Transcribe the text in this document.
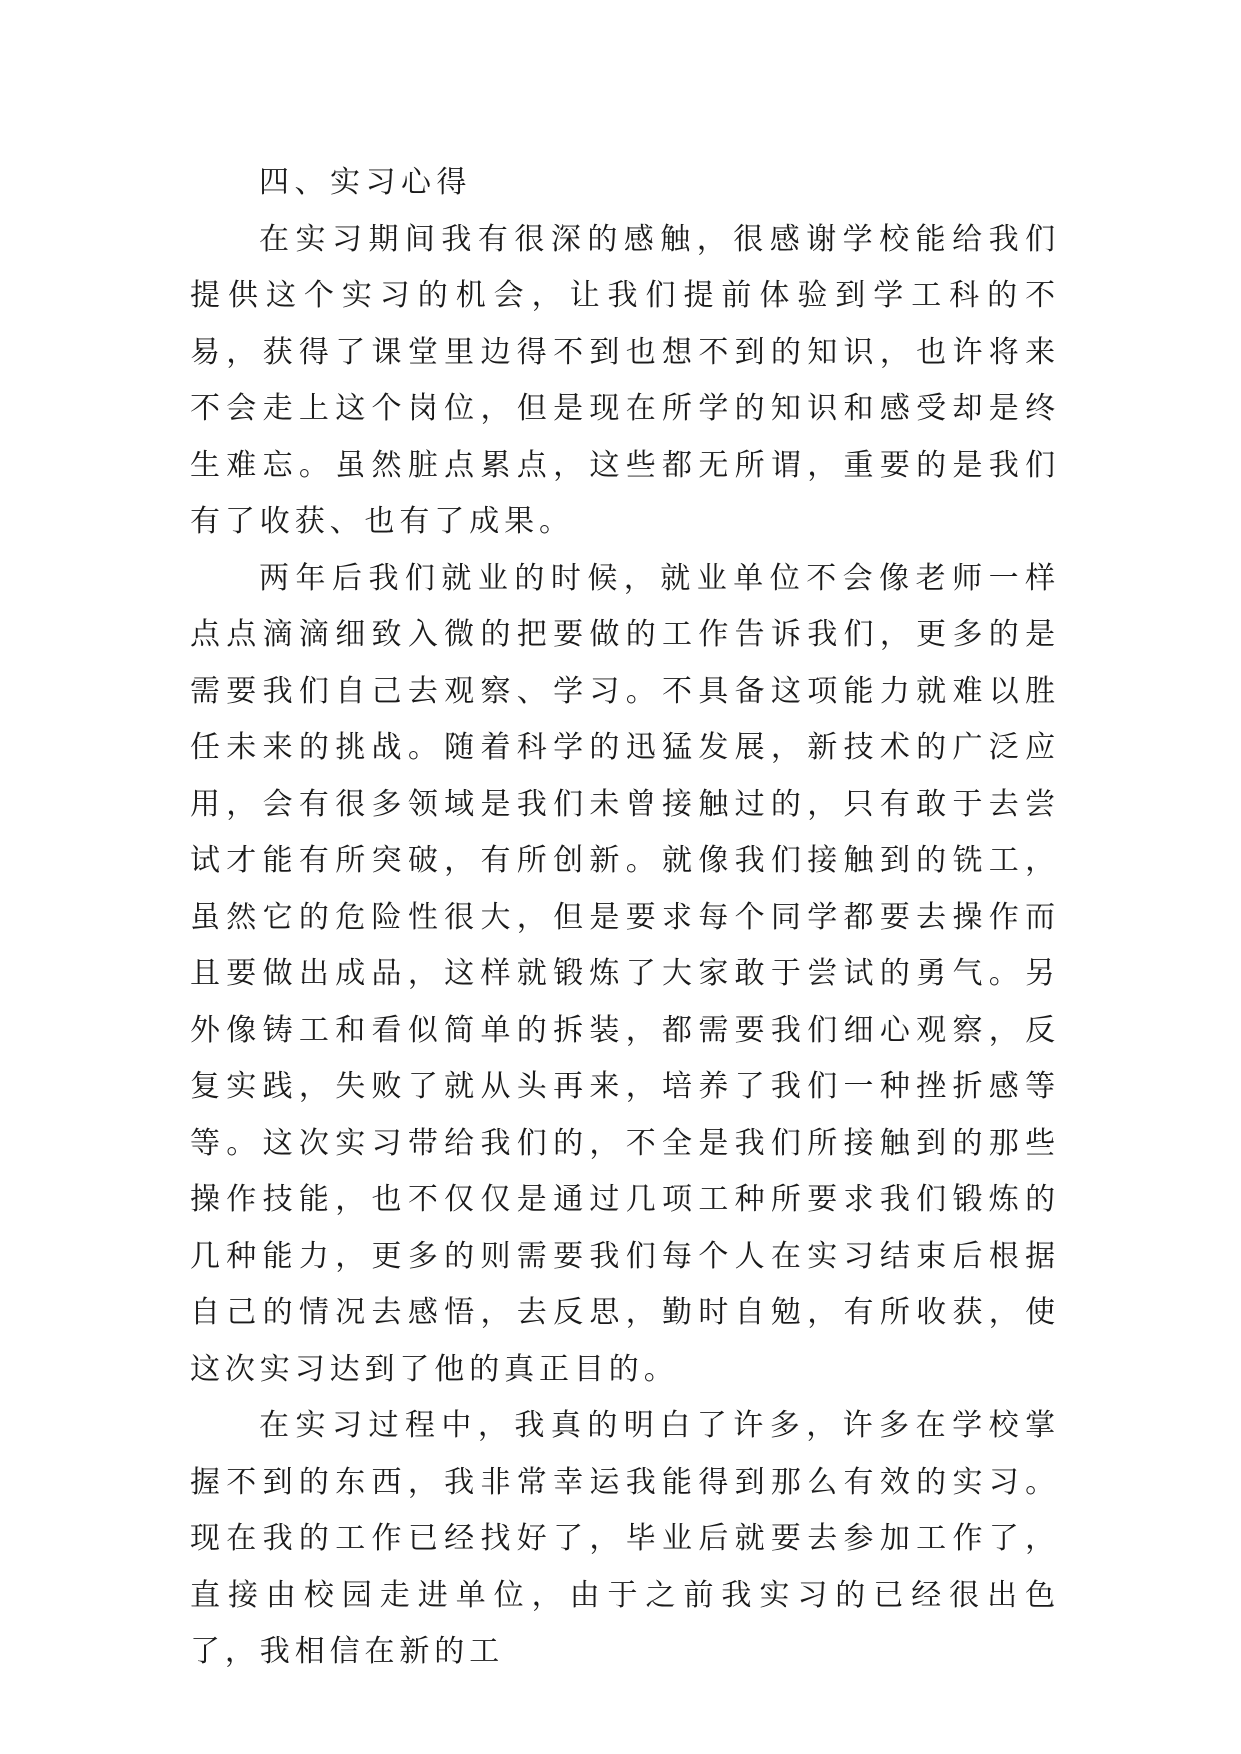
四、实习心得

在实习期间我有很深的感触，很感谢学校能给我们提供这个实习的机会，让我们提前体验到学工科的不易，获得了课堂里边得不到也想不到的知识，也许将来不会走上这个岗位，但是现在所学的知识和感受却是终生难忘。虽然脏点累点，这些都无所谓，重要的是我们有了收获、也有了成果。

两年后我们就业的时候，就业单位不会像老师一样点点滴滴细致入微的把要做的工作告诉我们，更多的是需要我们自己去观察、学习。不具备这项能力就难以胜任未来的挑战。随着科学的迅猛发展，新技术的广泛应用，会有很多领域是我们未曾接触过的，只有敢于去尝试才能有所突破，有所创新。就像我们接触到的铣工，虽然它的危险性很大，但是要求每个同学都要去操作而且要做出成品，这样就锻炼了大家敢于尝试的勇气。另外像铸工和看似简单的拆装，都需要我们细心观察，反复实践，失败了就从头再来，培养了我们一种挫折感等等。这次实习带给我们的，不全是我们所接触到的那些操作技能，也不仅仅是通过几项工种所要求我们锻炼的几种能力，更多的则需要我们每个人在实习结束后根据自己的情况去感悟，去反思，勤时自勉，有所收获，使这次实习达到了他的真正目的。

在实习过程中，我真的明白了许多，许多在学校掌握不到的东西，我非常幸运我能得到那么有效的实习。现在我的工作已经找好了，毕业后就要去参加工作了，直接由校园走进单位，由于之前我实习的已经很出色了，我相信在新的工
